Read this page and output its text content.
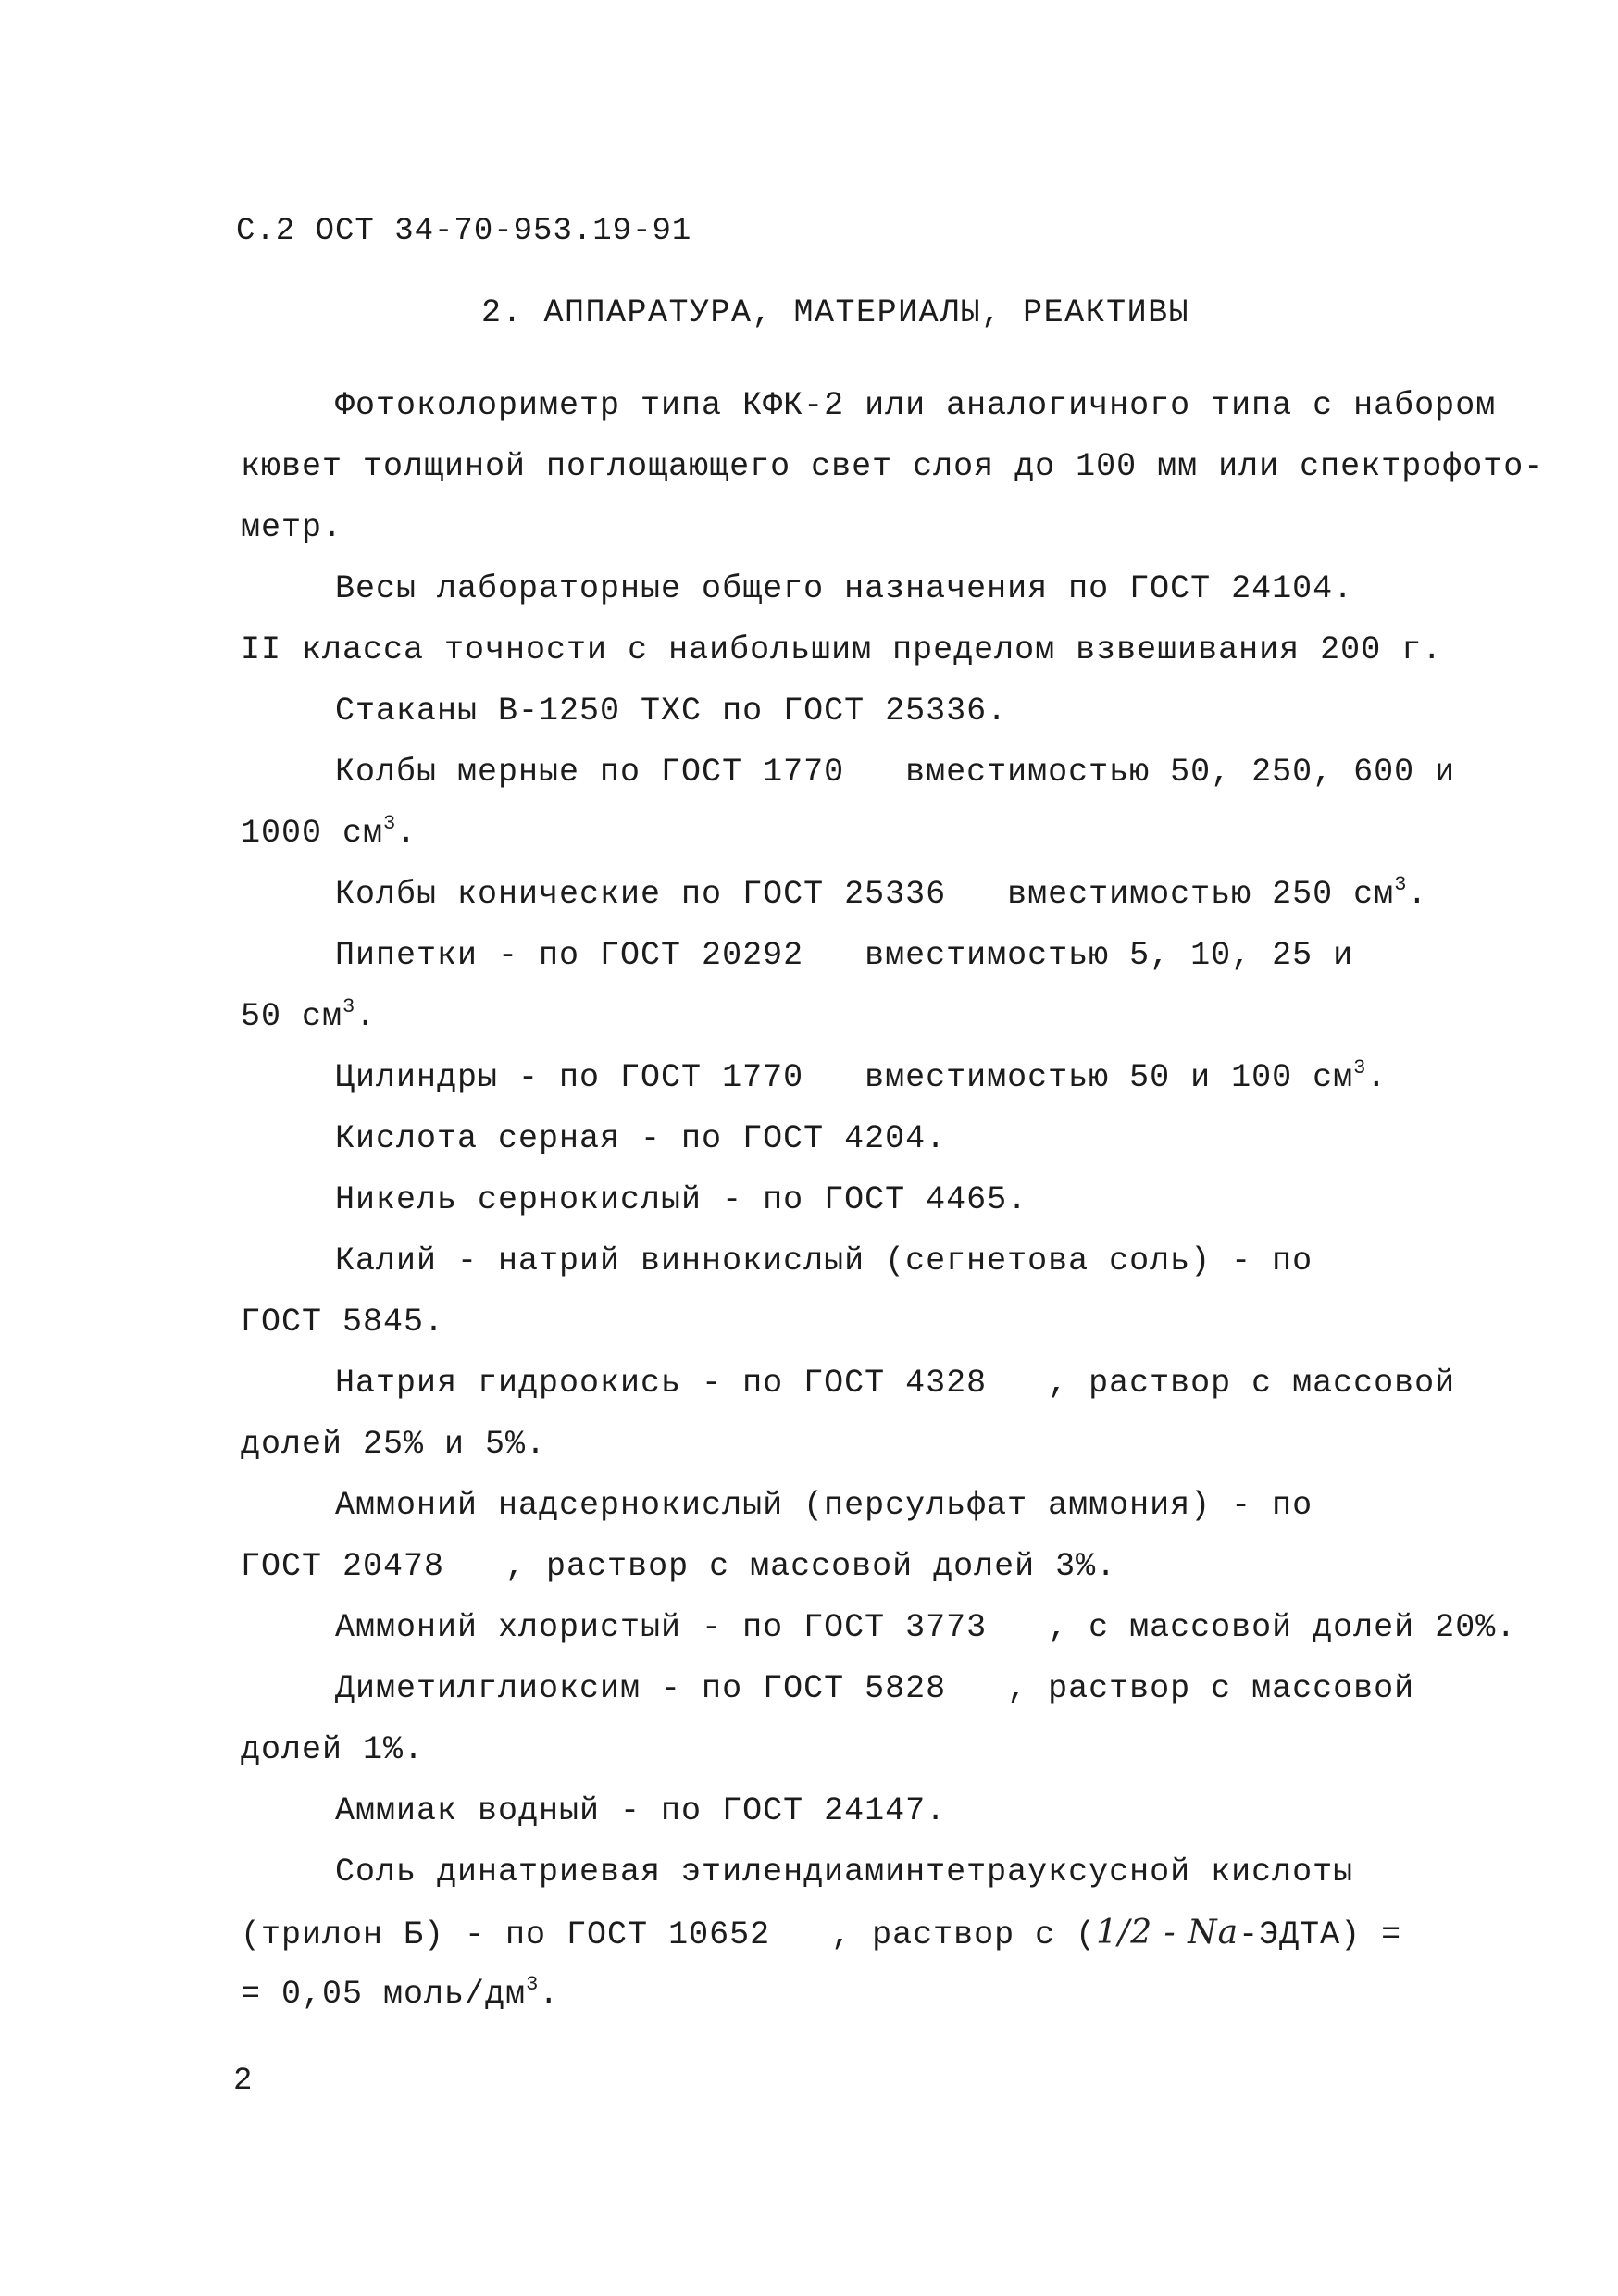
С.2 ОСТ 34-70-953.19-91
2. АППАРАТУРА, МАТЕРИАЛЫ, РЕАКТИВЫ
Фотоколориметр типа КФК-2 или аналогичного типа с набором
кювет толщиной поглощающего свет слоя до 100 мм или спектрофото-
метр.
Весы лабораторные общего назначения по ГОСТ 24104.
II класса точности с наибольшим пределом взвешивания 200 г.
Стаканы В-1250 ТХС по ГОСТ 25336.
Колбы мерные по ГОСТ 1770   вместимостью 50, 250, 600 и
1000 $см^3$.
Колбы конические по ГОСТ 25336   вместимостью 250 $см^3$.
Пипетки - по ГОСТ 20292   вместимостью 5, 10, 25 и
50 $см^3$.
Цилиндры - по ГОСТ 1770   вместимостью 50 и 100 $см^3$.
Кислота серная - по ГОСТ 4204.
Никель сернокислый - по ГОСТ 4465.
Калий - натрий виннокислый (сегнетова соль) - по
ГОСТ 5845.
Натрия гидроокись - по ГОСТ 4328   , раствор с массовой
долей 25% и 5%.
Аммоний надсернокислый (персульфат аммония) - по
ГОСТ 20478   , раствор с массовой долей 3%.
Аммоний хлористый - по ГОСТ 3773   , с массовой долей 20%.
Диметилглиоксим - по ГОСТ 5828   , раствор с массовой
долей 1%.
Аммиак водный - по ГОСТ 24147.
Соль динатриевая этилендиаминтетрауксусной кислоты
(трилон Б) - по ГОСТ 10652   , раствор с (1/2 - Na-ЭДТА) =
= 0,05 моль/$дм^3$.
2
